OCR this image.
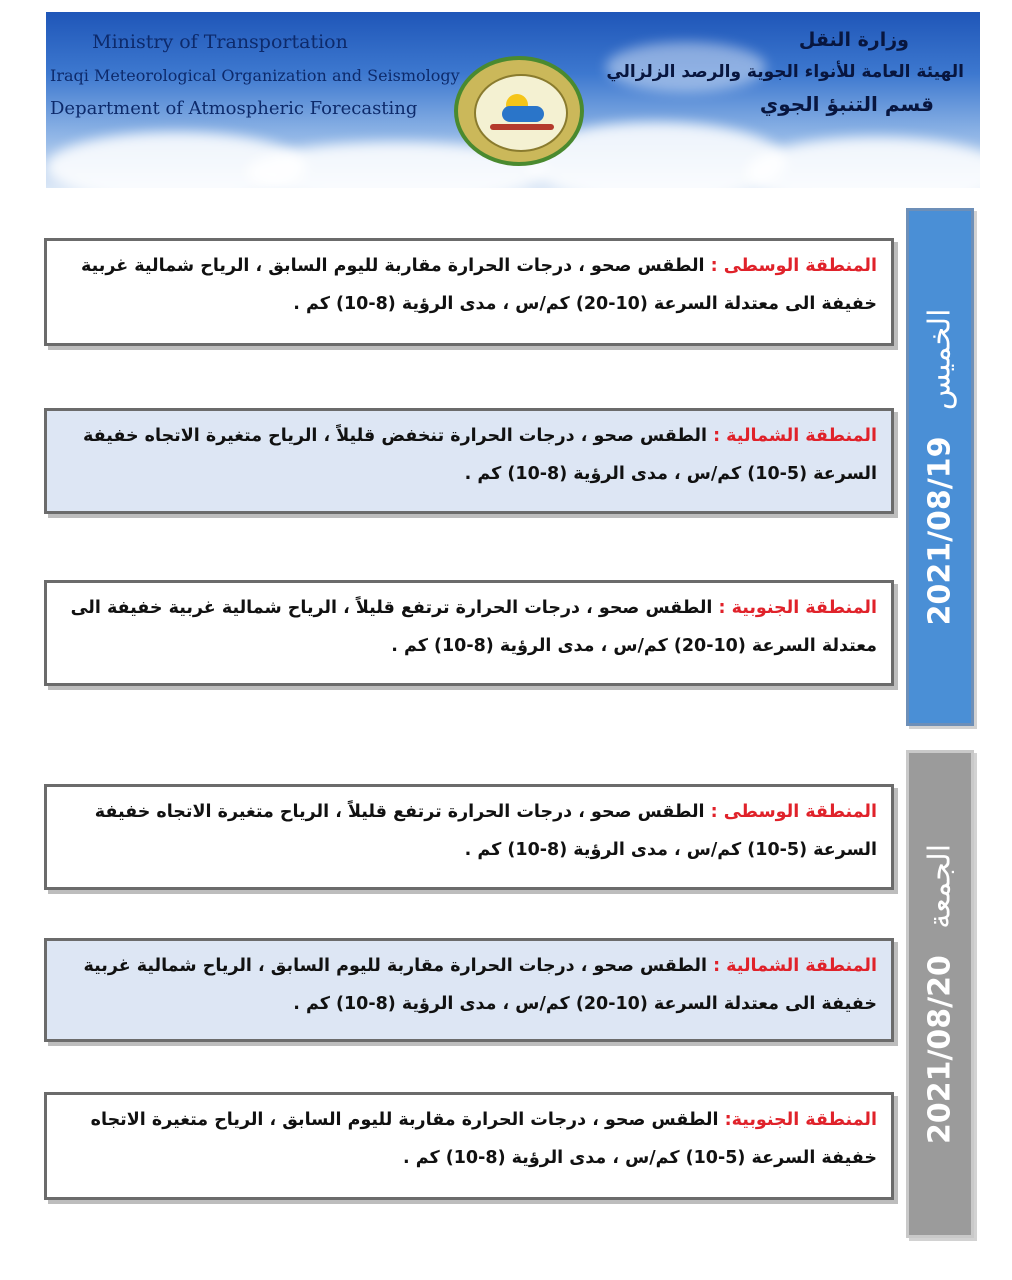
Ministry of Transportation
Iraqi Meteorological Organization and Seismology
Department of Atmospheric Forecasting
وزارة النقل
الهيئة العامة للأنواء الجوية والرصد الزلزالي
قسم التنبؤ الجوي
2021/08/19 الخميس
2021/08/20 الجمعة
المنطقة الوسطى : الطقس صحو ، درجات الحرارة مقاربة لليوم السابق ، الرياح شمالية غربية خفيفة الى معتدلة السرعة (10-20) كم/س ، مدى الرؤية (8-10) كم .
المنطقة الشمالية : الطقس صحو ، درجات الحرارة تنخفض قليلاً ، الرياح متغيرة الاتجاه خفيفة السرعة (5-10) كم/س ، مدى الرؤية (8-10) كم .
المنطقة الجنوبية : الطقس صحو ، درجات الحرارة ترتفع قليلاً ، الرياح شمالية غربية خفيفة الى معتدلة السرعة (10-20) كم/س ، مدى الرؤية (8-10) كم .
المنطقة الوسطى : الطقس صحو ، درجات الحرارة ترتفع قليلاً ، الرياح متغيرة الاتجاه خفيفة السرعة (5-10) كم/س ، مدى الرؤية (8-10) كم .
المنطقة الشمالية : الطقس صحو ، درجات الحرارة مقاربة لليوم السابق ، الرياح شمالية غربية خفيفة الى معتدلة السرعة (10-20) كم/س ، مدى الرؤية (8-10) كم .
المنطقة الجنوبية: الطقس صحو ، درجات الحرارة مقاربة لليوم السابق ، الرياح متغيرة الاتجاه خفيفة السرعة (5-10) كم/س ، مدى الرؤية (8-10) كم .
